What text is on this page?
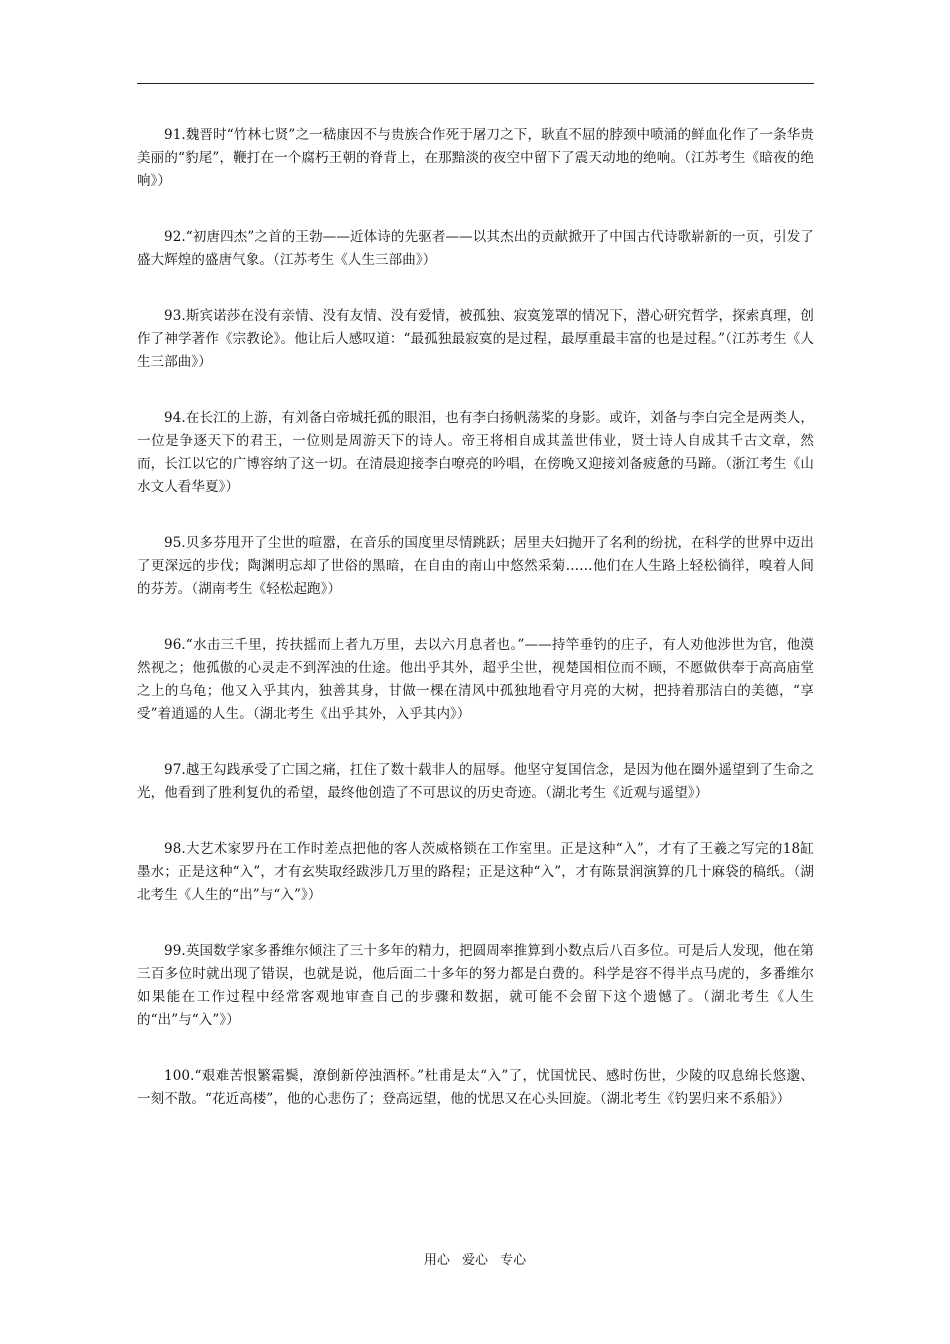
91.魏晋时“竹林七贤”之一嵇康因不与贵族合作死于屠刀之下，耿直不屈的脖颈中喷涌的鲜血化作了一条华贵美丽的“豹尾”，鞭打在一个腐朽王朝的脊背上，在那黯淡的夜空中留下了震天动地的绝响。（江苏考生《暗夜的绝响》）

92.“初唐四杰”之首的王勃——近体诗的先驱者——以其杰出的贡献掀开了中国古代诗歌崭新的一页，引发了盛大辉煌的盛唐气象。（江苏考生《人生三部曲》）

93.斯宾诺莎在没有亲情、没有友情、没有爱情，被孤独、寂寞笼罩的情况下，潜心研究哲学，探索真理，创作了神学著作《宗教论》。他让后人感叹道：“最孤独最寂寞的是过程，最厚重最丰富的也是过程。”（江苏考生《人生三部曲》）

94.在长江的上游，有刘备白帝城托孤的眼泪，也有李白扬帆荡桨的身影。或许，刘备与李白完全是两类人，一位是争逐天下的君王，一位则是周游天下的诗人。帝王将相自成其盖世伟业，贤士诗人自成其千古文章，然而，长江以它的广博容纳了这一切。在清晨迎接李白嘹亮的吟唱，在傍晚又迎接刘备疲惫的马蹄。（浙江考生《山水文人看华夏》）

95.贝多芬甩开了尘世的喧嚣，在音乐的国度里尽情跳跃；居里夫妇抛开了名利的纷扰，在科学的世界中迈出了更深远的步伐；陶渊明忘却了世俗的黑暗，在自由的南山中悠然采菊……他们在人生路上轻松徜徉，嗅着人间的芬芳。（湖南考生《轻松起跑》）

96.“水击三千里，抟扶摇而上者九万里，去以六月息者也。”——持竿垂钓的庄子，有人劝他涉世为官，他漠然视之；他孤傲的心灵走不到浑浊的仕途。他出乎其外，超乎尘世，视楚国相位而不顾，不愿做供奉于高高庙堂之上的乌龟；他又入乎其内，独善其身，甘做一棵在清风中孤独地看守月亮的大树，把持着那洁白的美德，“享受”着逍遥的人生。（湖北考生《出乎其外，入乎其内》）

97.越王勾践承受了亡国之痛，扛住了数十载非人的屈辱。他坚守复国信念，是因为他在圈外遥望到了生命之光，他看到了胜利复仇的希望，最终他创造了不可思议的历史奇迹。（湖北考生《近观与遥望》）

98.大艺术家罗丹在工作时差点把他的客人茨威格锁在工作室里。正是这种“入”，才有了王羲之写完的18缸墨水；正是这种“入”，才有玄奘取经跋涉几万里的路程；正是这种“入”，才有陈景润演算的几十麻袋的稿纸。（湖北考生《人生的“出”与“入”》）

99.英国数学家多番维尔倾注了三十多年的精力，把圆周率推算到小数点后八百多位。可是后人发现，他在第三百多位时就出现了错误，也就是说，他后面二十多年的努力都是白费的。科学是容不得半点马虎的，多番维尔如果能在工作过程中经常客观地审查自己的步骤和数据，就可能不会留下这个遗憾了。（湖北考生《人生的“出”与“入”》）

100.“艰难苦恨繁霜鬓，潦倒新停浊酒杯。”杜甫是太“入”了，忧国忧民、感时伤世，少陵的叹息绵长悠邈、一刻不散。“花近高楼”，他的心悲伤了；登高远望，他的忧思又在心头回旋。（湖北考生《钓罢归来不系船》）

用心 爱心 专心
